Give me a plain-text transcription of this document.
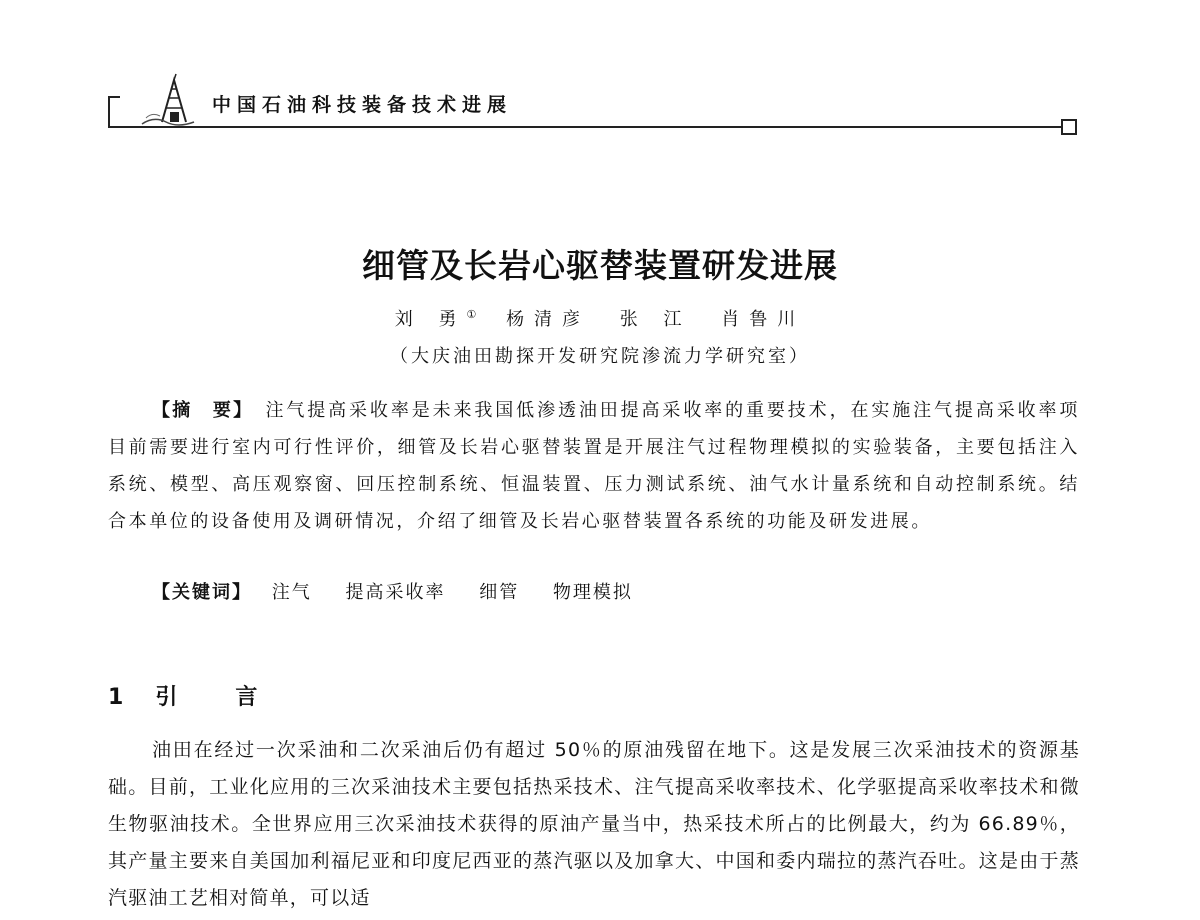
中国石油科技装备技术进展
细管及长岩心驱替装置研发进展
刘 勇① 杨清彦 张 江 肖鲁川
（大庆油田勘探开发研究院渗流力学研究室）
【摘　要】 注气提高采收率是未来我国低渗透油田提高采收率的重要技术，在实施注气提高采收率项目前需要进行室内可行性评价，细管及长岩心驱替装置是开展注气过程物理模拟的实验装备，主要包括注入系统、模型、高压观察窗、回压控制系统、恒温装置、压力测试系统、油气水计量系统和自动控制系统。结合本单位的设备使用及调研情况，介绍了细管及长岩心驱替装置各系统的功能及研发进展。
【关键词】 注气 提高采收率 细管 物理模拟
1 引言
油田在经过一次采油和二次采油后仍有超过 50％的原油残留在地下。这是发展三次采油技术的资源基础。目前，工业化应用的三次采油技术主要包括热采技术、注气提高采收率技术、化学驱提高采收率技术和微生物驱油技术。全世界应用三次采油技术获得的原油产量当中，热采技术所占的比例最大，约为 66.89％，其产量主要来自美国加利福尼亚和印度尼西亚的蒸汽驱以及加拿大、中国和委内瑞拉的蒸汽吞吐。这是由于蒸汽驱油工艺相对简单，可以适
